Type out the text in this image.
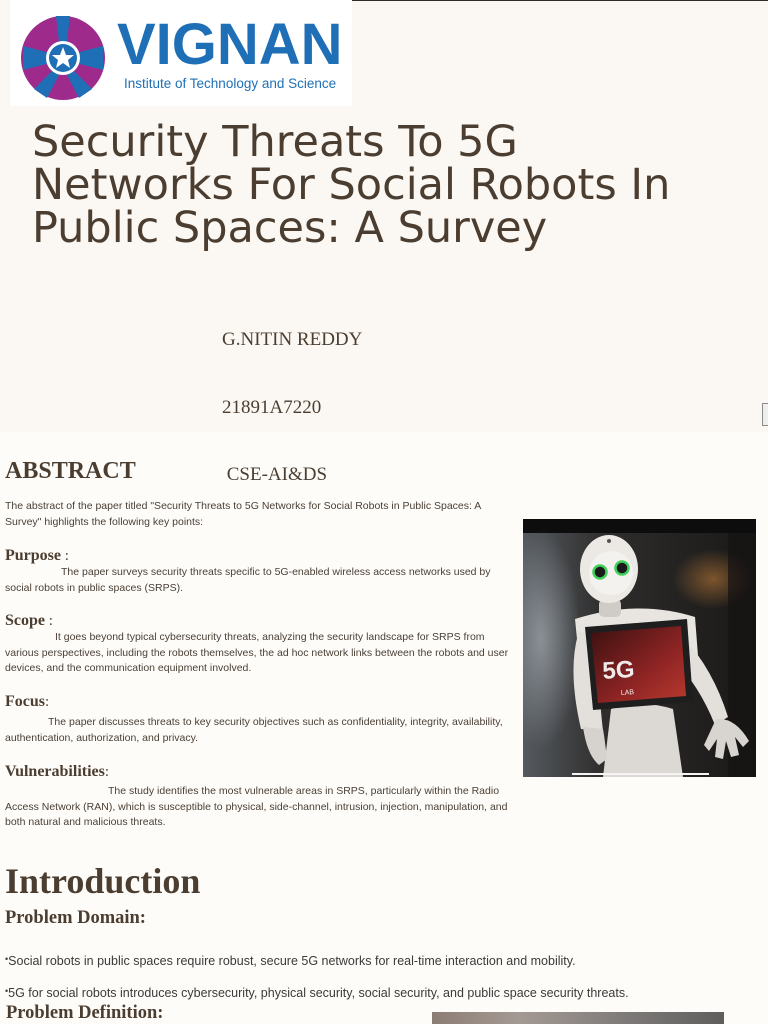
VIGNAN
Institute of Technology and Science
Security Threats To 5G Networks For Social Robots In Public Spaces: A Survey

G.NITIN REDDY

21891A7220

CSE-AI&DS

ABSTRACT
The abstract of the paper titled "Security Threats to 5G Networks for Social Robots in Public Spaces: A Survey" highlights the following key points:
Purpose :
The paper surveys security threats specific to 5G-enabled wireless access networks used by social robots in public spaces (SRPS).
Scope :
It goes beyond typical cybersecurity threats, analyzing the security landscape for SRPS from various perspectives, including the robots themselves, the ad hoc network links between the robots and user devices, and the communication equipment involved.
Focus:
The paper discusses threats to key security objectives such as confidentiality, integrity, availability, authentication, authorization, and privacy.
Vulnerabilities:
The study identifies the most vulnerable areas in SRPS, particularly within the Radio Access Network (RAN), which is susceptible to physical, side-channel, intrusion, injection, manipulation, and both natural and malicious threats.
5G
LAB
Introduction
Problem Domain:
•Social robots in public spaces require robust, secure 5G networks for real-time interaction and mobility.
•5G for social robots introduces cybersecurity, physical security, social security, and public space security threats.
Problem Definition:
